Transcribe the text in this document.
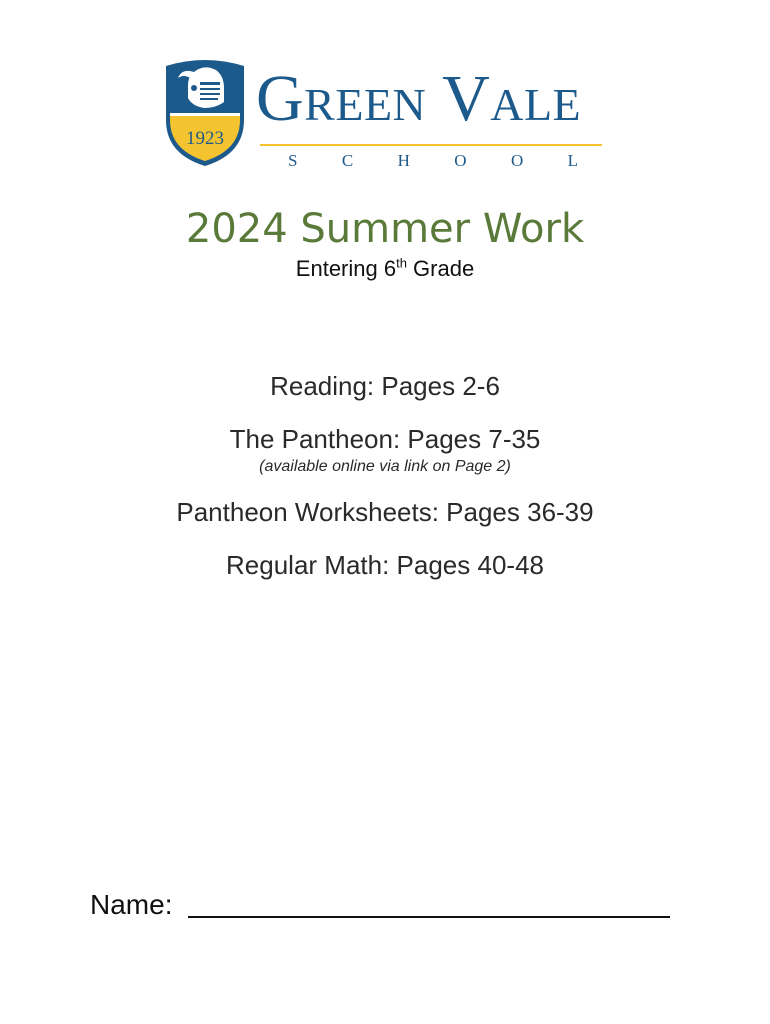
1923
Green Vale
S	C	H	O	O	L
2024 Summer Work
Entering 6th Grade
Reading: Pages 2-6
The Pantheon: Pages 7-35
(available online via link on Page 2)
Pantheon Worksheets: Pages 36-39
Regular Math: Pages 40-48
Name:
